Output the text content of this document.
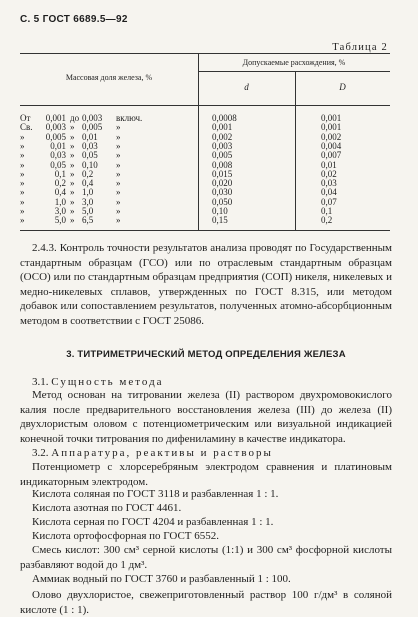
С. 5 ГОСТ 6689.5—92
Таблица 2
Массовая доля железа, %
Допускаемые расхождения, %
d	D
От	0,001 до 0,003	включ.	0,0008	0,001
Св.	0,003 » 0,005	»	0,001	0,001
»	0,005 » 0,01	»	0,002	0,002
»	0,01 » 0,03	»	0,003	0,004
»	0,03 » 0,05	»	0,005	0,007
»	0,05 » 0,10	»	0,008	0,01
»	0,1 » 0,2	»	0,015	0,02
»	0,2 » 0,4	»	0,020	0,03
»	0,4 » 1,0	»	0,030	0,04
»	1,0 » 3,0	»	0,050	0,07
»	3,0 » 5,0	»	0,10	0,1
»	5,0 » 6,5	»	0,15	0,2
2.4.3. Контроль точности результатов анализа проводят по Государственным стандартным образцам (ГСО) или по отраслевым стандартным образцам (ОСО) или по стандартным образцам предприятия (СОП) никеля, никелевых и медно-никелевых сплавов, утвержденных по ГОСТ 8.315, или методом добавок или сопоставлением результатов, полученных атомно-абсорбционным методом в соответствии с ГОСТ 25086.
3. ТИТРИМЕТРИЧЕСКИЙ МЕТОД ОПРЕДЕЛЕНИЯ ЖЕЛЕЗА
3.1. Сущность метода
Метод основан на титровании железа (II) раствором двухромовокислого калия после предварительного восстановления железа (III) до железа (II) двухлористым оловом с потенциометрическим или визуальной индикацией конечной точки титрования по дифениламину в качестве индикатора.
3.2. Аппаратура, реактивы и растворы
Потенциометр с хлорсеребряным электродом сравнения и платиновым индикаторным электродом.
Кислота соляная по ГОСТ 3118 и разбавленная 1 : 1.
Кислота азотная по ГОСТ 4461.
Кислота серная по ГОСТ 4204 и разбавленная 1 : 1.
Кислота ортофосфорная по ГОСТ 6552.
Смесь кислот: 300 см³ серной кислоты (1:1) и 300 см³ фосфорной кислоты разбавляют водой до 1 дм³.
Аммиак водный по ГОСТ 3760 и разбавленный 1 : 100.
Олово двухлористое, свежеприготовленный раствор 100 г/дм³ в соляной кислоте (1 : 1).
